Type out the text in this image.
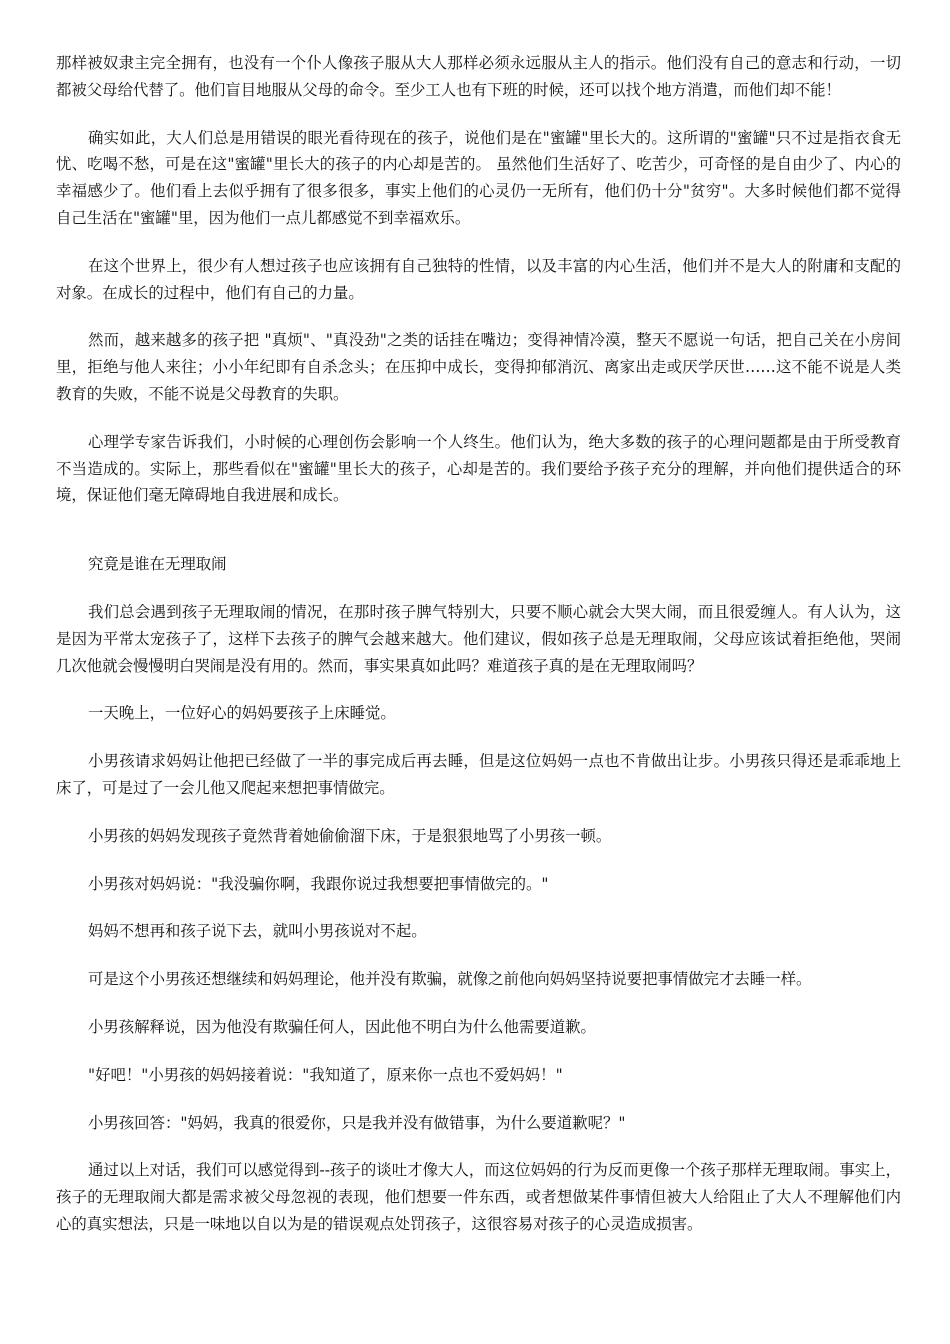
那样被奴隶主完全拥有，也没有一个仆人像孩子服从大人那样必须永远服从主人的指示。他们没有自己的意志和行动，一切都被父母给代替了。他们盲目地服从父母的命令。至少工人也有下班的时候，还可以找个地方消遣，而他们却不能！

确实如此，大人们总是用错误的眼光看待现在的孩子，说他们是在"蜜罐"里长大的。这所谓的"蜜罐"只不过是指衣食无忧、吃喝不愁，可是在这"蜜罐"里长大的孩子的内心却是苦的。 虽然他们生活好了、吃苦少，可奇怪的是自由少了、内心的幸福感少了。他们看上去似乎拥有了很多很多，事实上他们的心灵仍一无所有，他们仍十分"贫穷"。大多时候他们都不觉得自己生活在"蜜罐"里，因为他们一点儿都感觉不到幸福欢乐。

在这个世界上，很少有人想过孩子也应该拥有自己独特的性情，以及丰富的内心生活，他们并不是大人的附庸和支配的对象。在成长的过程中，他们有自己的力量。

然而，越来越多的孩子把 "真烦"、"真没劲"之类的话挂在嘴边；变得神情冷漠，整天不愿说一句话，把自己关在小房间里，拒绝与他人来往；小小年纪即有自杀念头；在压抑中成长，变得抑郁消沉、离家出走或厌学厌世……这不能不说是人类教育的失败，不能不说是父母教育的失职。

心理学专家告诉我们，小时候的心理创伤会影响一个人终生。他们认为，绝大多数的孩子的心理问题都是由于所受教育不当造成的。实际上，那些看似在"蜜罐"里长大的孩子，心却是苦的。我们要给予孩子充分的理解，并向他们提供适合的环境，保证他们毫无障碍地自我进展和成长。

究竟是谁在无理取闹

我们总会遇到孩子无理取闹的情况，在那时孩子脾气特别大，只要不顺心就会大哭大闹，而且很爱缠人。有人认为，这是因为平常太宠孩子了，这样下去孩子的脾气会越来越大。他们建议，假如孩子总是无理取闹，父母应该试着拒绝他，哭闹几次他就会慢慢明白哭闹是没有用的。然而，事实果真如此吗？难道孩子真的是在无理取闹吗？

一天晚上，一位好心的妈妈要孩子上床睡觉。

小男孩请求妈妈让他把已经做了一半的事完成后再去睡，但是这位妈妈一点也不肯做出让步。小男孩只得还是乖乖地上床了，可是过了一会儿他又爬起来想把事情做完。

小男孩的妈妈发现孩子竟然背着她偷偷溜下床，于是狠狠地骂了小男孩一顿。

小男孩对妈妈说："我没骗你啊，我跟你说过我想要把事情做完的。"

妈妈不想再和孩子说下去，就叫小男孩说对不起。

可是这个小男孩还想继续和妈妈理论，他并没有欺骗，就像之前他向妈妈坚持说要把事情做完才去睡一样。

小男孩解释说，因为他没有欺骗任何人，因此他不明白为什么他需要道歉。

"好吧！"小男孩的妈妈接着说："我知道了，原来你一点也不爱妈妈！"

小男孩回答："妈妈，我真的很爱你，只是我并没有做错事，为什么要道歉呢？"

通过以上对话，我们可以感觉得到--孩子的谈吐才像大人，而这位妈妈的行为反而更像一个孩子那样无理取闹。事实上，孩子的无理取闹大都是需求被父母忽视的表现，他们想要一件东西，或者想做某件事情但被大人给阻止了大人不理解他们内心的真实想法，只是一味地以自以为是的错误观点处罚孩子，这很容易对孩子的心灵造成损害。
